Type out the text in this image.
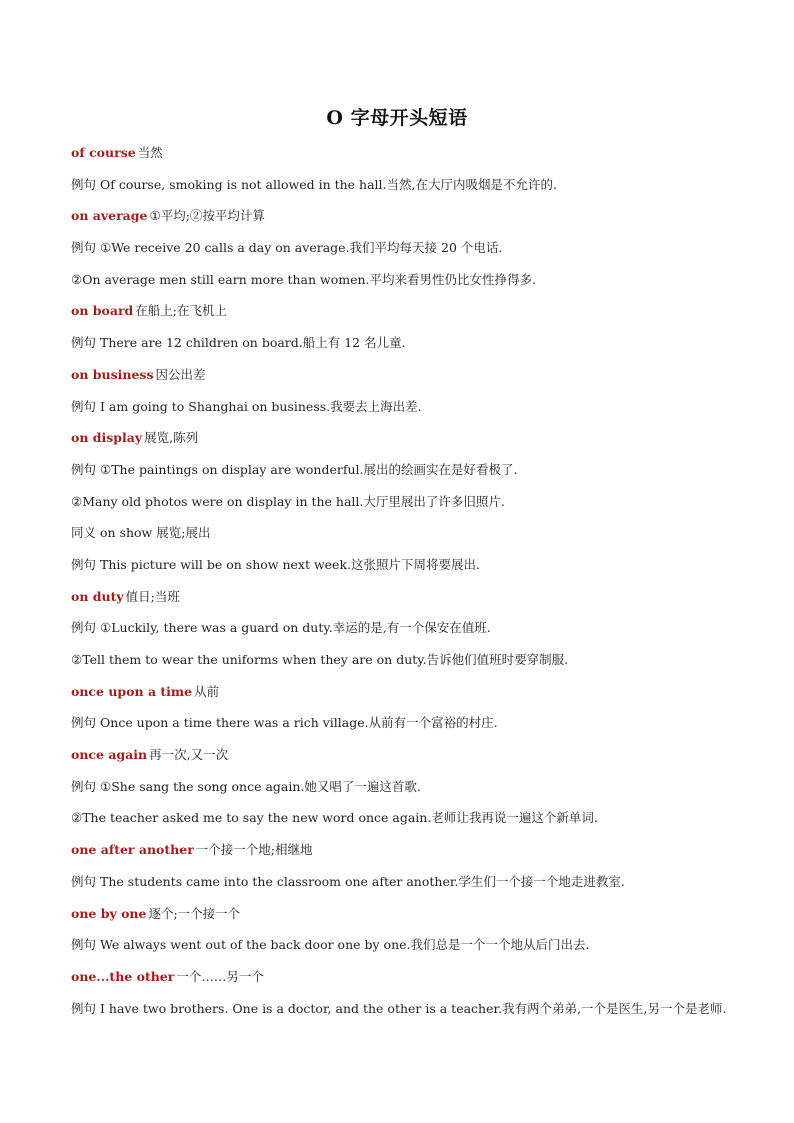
O 字母开头短语
of course 当然
例句 Of course, smoking is not allowed in the hall.当然,在大厅内吸烟是不允许的.
on average ①平均;②按平均计算
例句 ①We receive 20 calls a day on average.我们平均每天接 20 个电话.
②On average men still earn more than women.平均来看男性仍比女性挣得多.
on board 在船上;在飞机上
例句 There are 12 children on board.船上有 12 名儿童.
on business 因公出差
例句 I am going to Shanghai on business.我要去上海出差.
on display 展览,陈列
例句 ①The paintings on display are wonderful.展出的绘画实在是好看极了.
②Many old photos were on display in the hall.大厅里展出了许多旧照片.
同义 on show 展览;展出
例句 This picture will be on show next week.这张照片下周将要展出.
on duty 值日;当班
例句 ①Luckily, there was a guard on duty.幸运的是,有一个保安在值班.
②Tell them to wear the uniforms when they are on duty.告诉他们值班时要穿制服.
once upon a time 从前
例句 Once upon a time there was a rich village.从前有一个富裕的村庄.
once again 再一次,又一次
例句 ①She sang the song once again.她又唱了一遍这首歌.
②The teacher asked me to say the new word once again.老师让我再说一遍这个新单词.
one after another 一个接一个地;相继地
例句 The students came into the classroom one after another.学生们一个接一个地走进教室.
one by one 逐个;一个接一个
例句 We always went out of the back door one by one.我们总是一个一个地从后门出去.
one...the other 一个……另一个
例句 I have two brothers. One is a doctor, and the other is a teacher.我有两个弟弟,一个是医生,另一个是老师.
